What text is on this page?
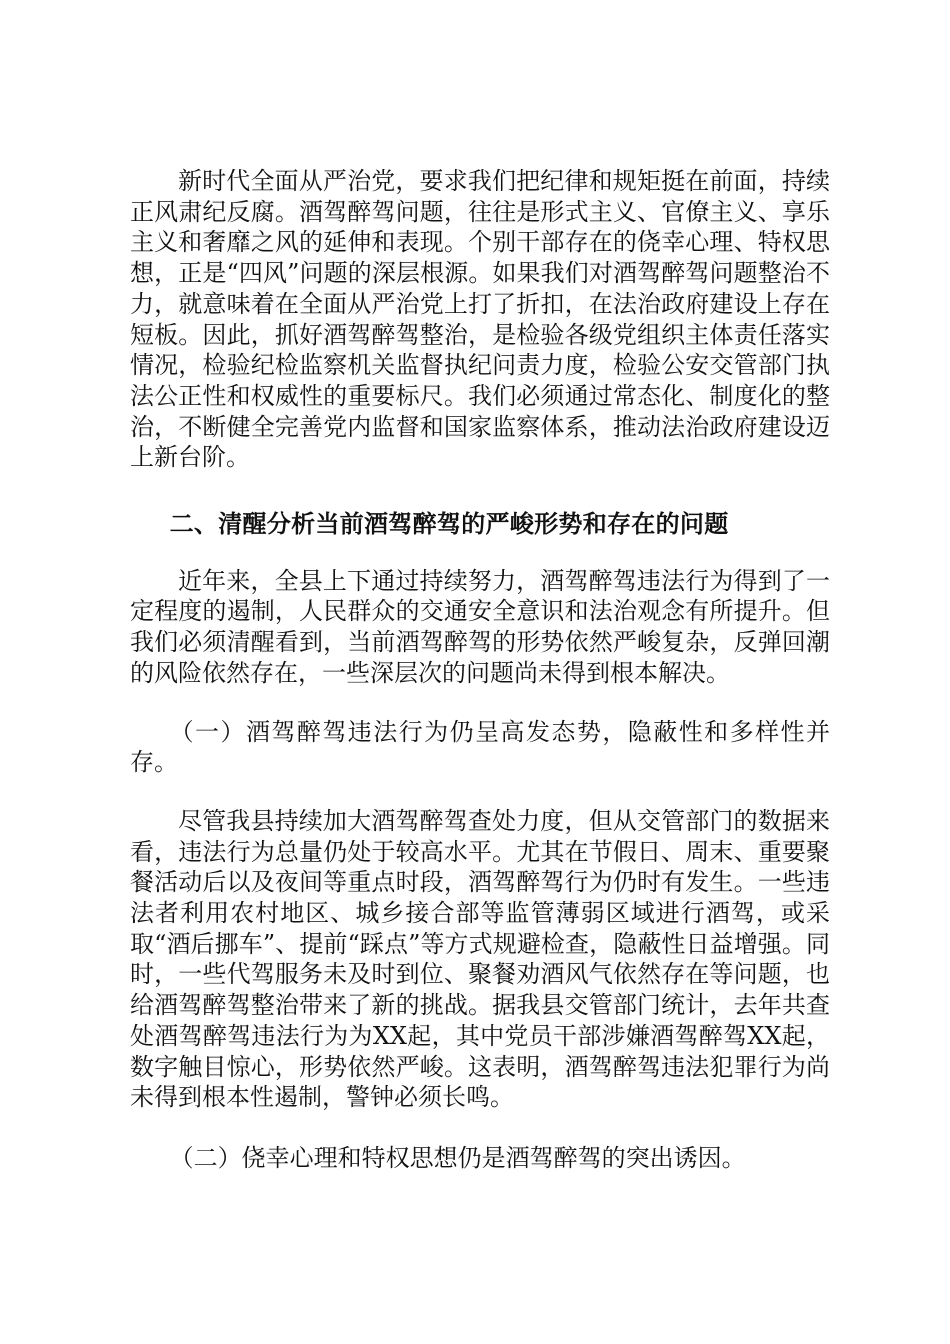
新时代全面从严治党，要求我们把纪律和规矩挺在前面，持续正风肃纪反腐。酒驾醉驾问题，往往是形式主义、官僚主义、享乐主义和奢靡之风的延伸和表现。个别干部存在的侥幸心理、特权思想，正是“四风”问题的深层根源。如果我们对酒驾醉驾问题整治不力，就意味着在全面从严治党上打了折扣，在法治政府建设上存在短板。因此，抓好酒驾醉驾整治，是检验各级党组织主体责任落实情况，检验纪检监察机关监督执纪问责力度，检验公安交管部门执法公正性和权威性的重要标尺。我们必须通过常态化、制度化的整治，不断健全完善党内监督和国家监察体系，推动法治政府建设迈上新台阶。

二、清醒分析当前酒驾醉驾的严峻形势和存在的问题

近年来，全县上下通过持续努力，酒驾醉驾违法行为得到了一定程度的遏制，人民群众的交通安全意识和法治观念有所提升。但我们必须清醒看到，当前酒驾醉驾的形势依然严峻复杂，反弹回潮的风险依然存在，一些深层次的问题尚未得到根本解决。

（一）酒驾醉驾违法行为仍呈高发态势，隐蔽性和多样性并存。

尽管我县持续加大酒驾醉驾查处力度，但从交管部门的数据来看，违法行为总量仍处于较高水平。尤其在节假日、周末、重要聚餐活动后以及夜间等重点时段，酒驾醉驾行为仍时有发生。一些违法者利用农村地区、城乡接合部等监管薄弱区域进行酒驾，或采取“酒后挪车”、提前“踩点”等方式规避检查，隐蔽性日益增强。同时，一些代驾服务未及时到位、聚餐劝酒风气依然存在等问题，也给酒驾醉驾整治带来了新的挑战。据我县交管部门统计，去年共查处酒驾醉驾违法行为为XX起，其中党员干部涉嫌酒驾醉驾XX起，数字触目惊心，形势依然严峻。这表明，酒驾醉驾违法犯罪行为尚未得到根本性遏制，警钟必须长鸣。

（二）侥幸心理和特权思想仍是酒驾醉驾的突出诱因。
